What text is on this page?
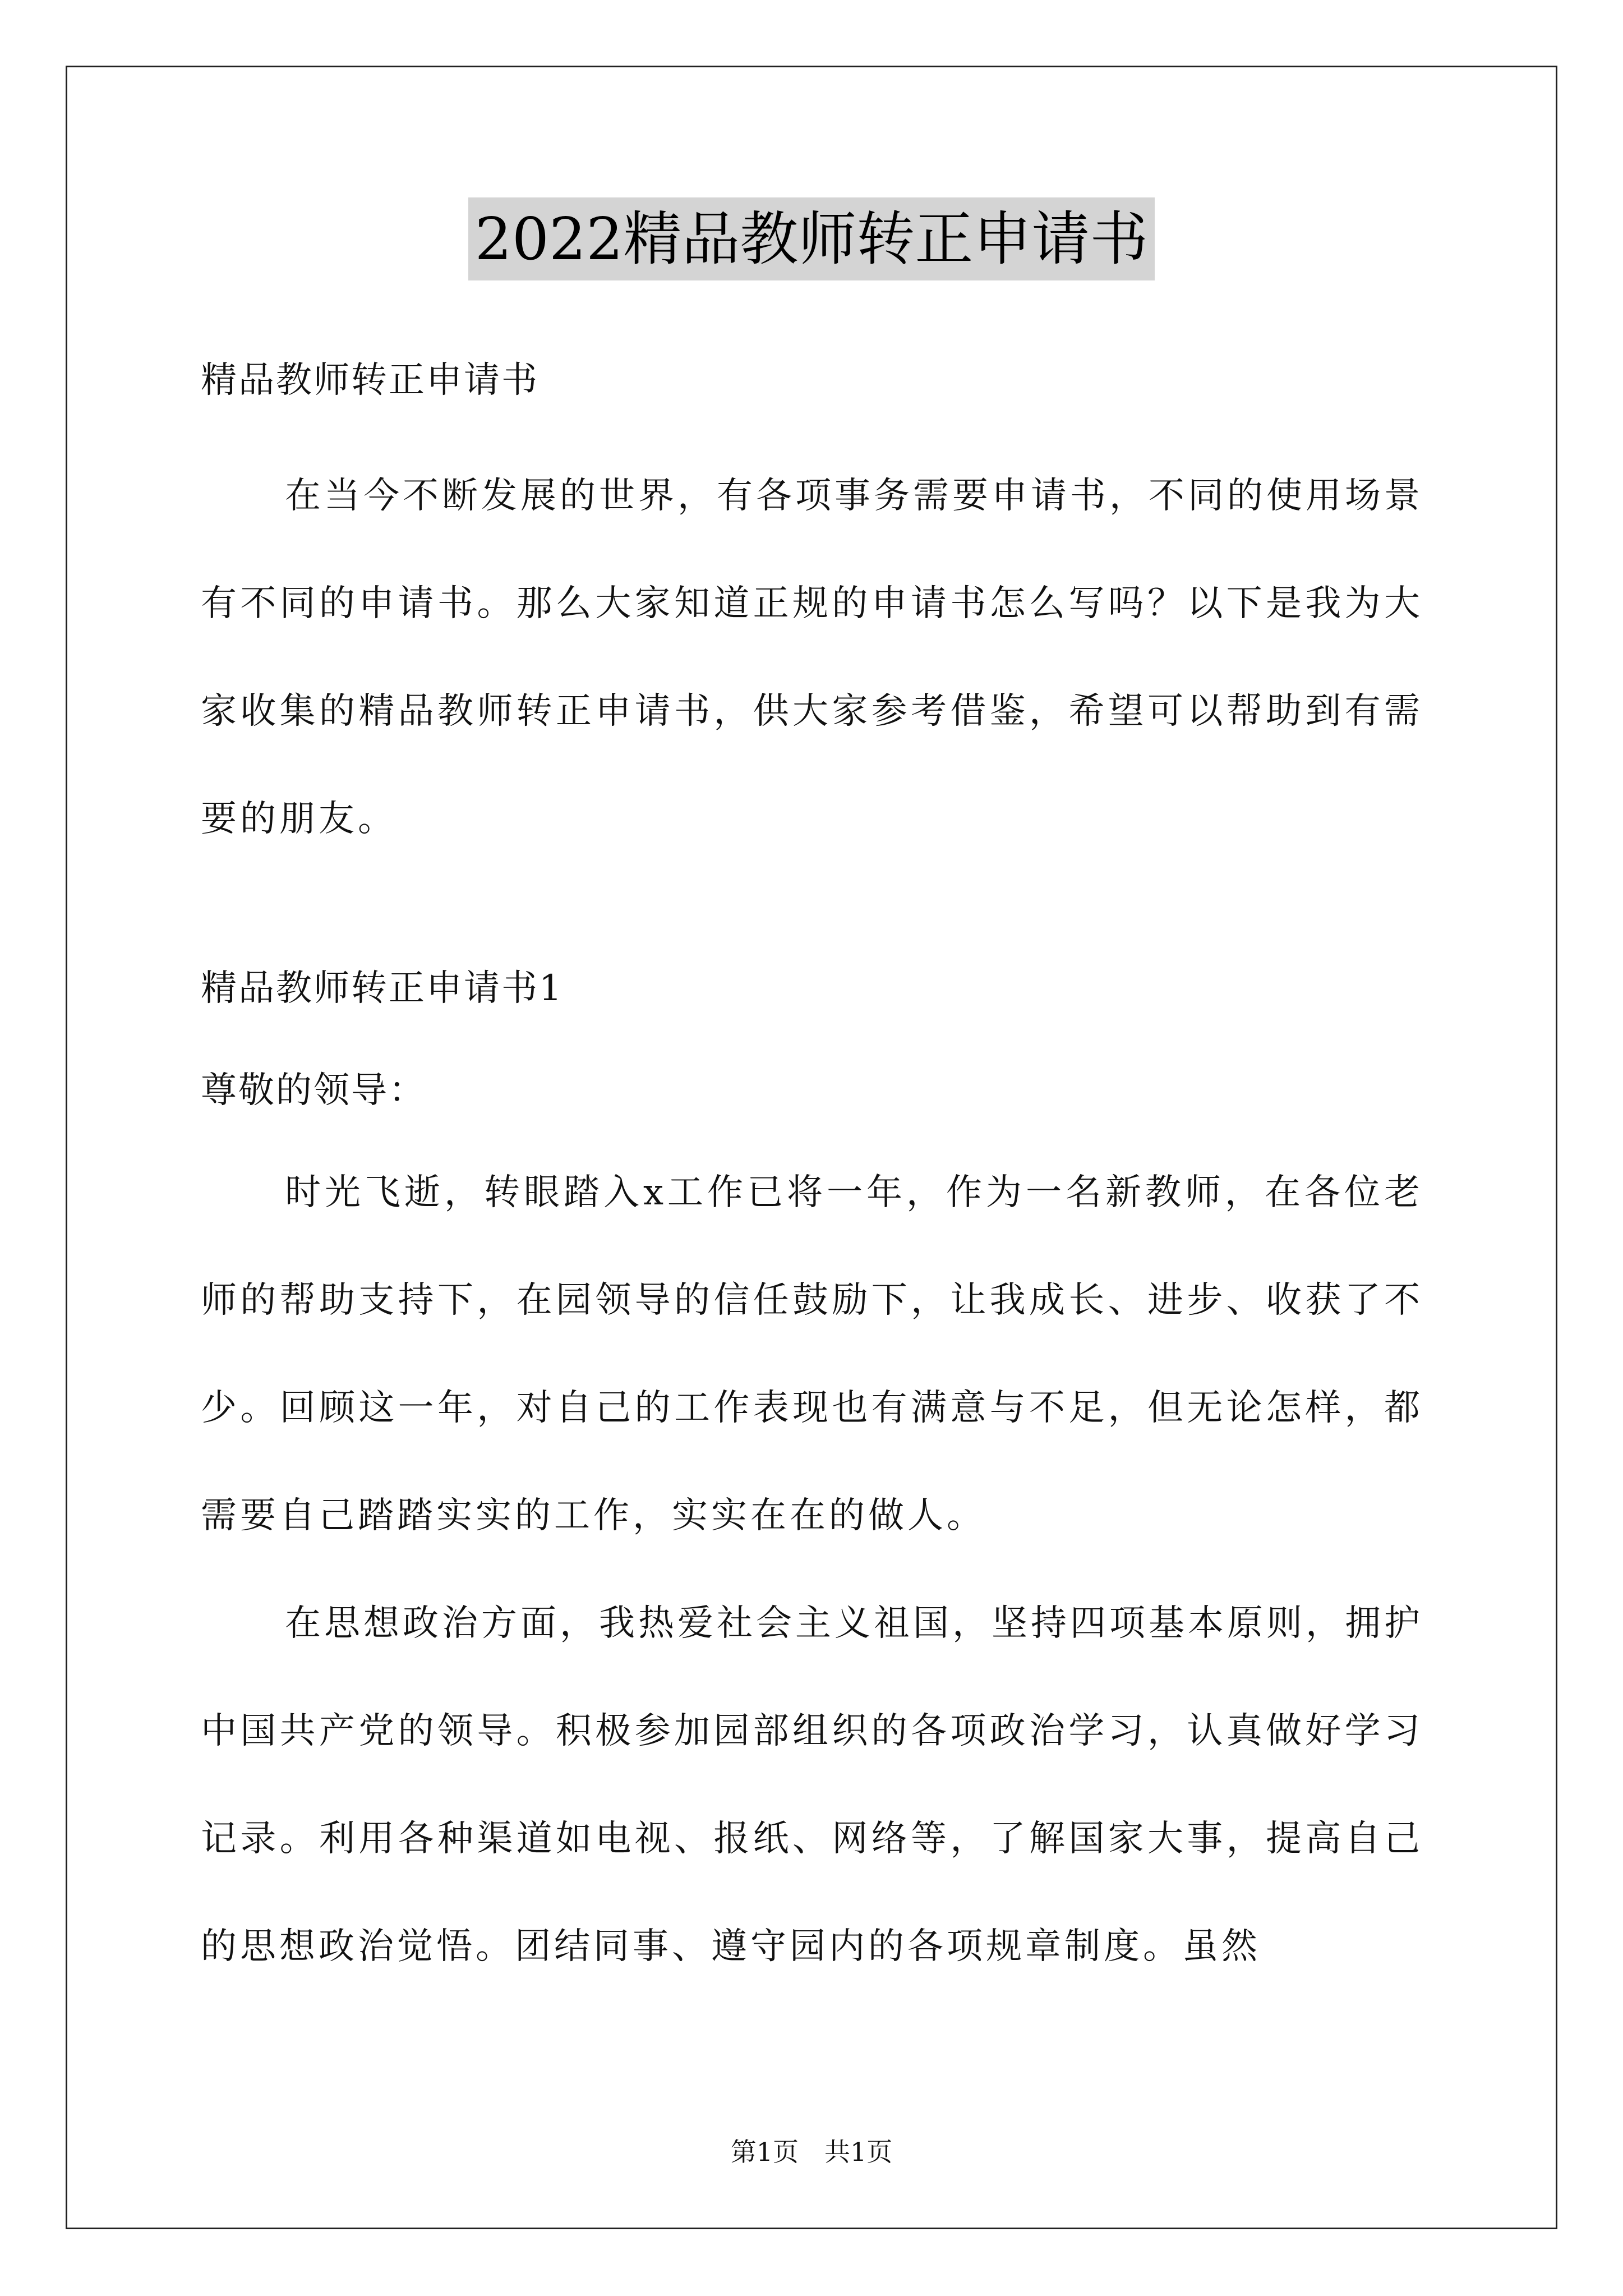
2022精品教师转正申请书
精品教师转正申请书

在当今不断发展的世界，有各项事务需要申请书，不同的使用场景有不同的申请书。那么大家知道正规的申请书怎么写吗？以下是我为大家收集的精品教师转正申请书，供大家参考借鉴，希望可以帮助到有需要的朋友。

精品教师转正申请书1
尊敬的领导：

时光飞逝，转眼踏入x工作已将一年，作为一名新教师，在各位老师的帮助支持下，在园领导的信任鼓励下，让我成长、进步、收获了不少。回顾这一年，对自己的工作表现也有满意与不足，但无论怎样，都需要自己踏踏实实的工作，实实在在的做人。

在思想政治方面，我热爱社会主义祖国，坚持四项基本原则，拥护中国共产党的领导。积极参加园部组织的各项政治学习，认真做好学习记录。利用各种渠道如电视、报纸、网络等，了解国家大事，提高自己的思想政治觉悟。团结同事、遵守园内的各项规章制度。虽然

第1页　共1页
